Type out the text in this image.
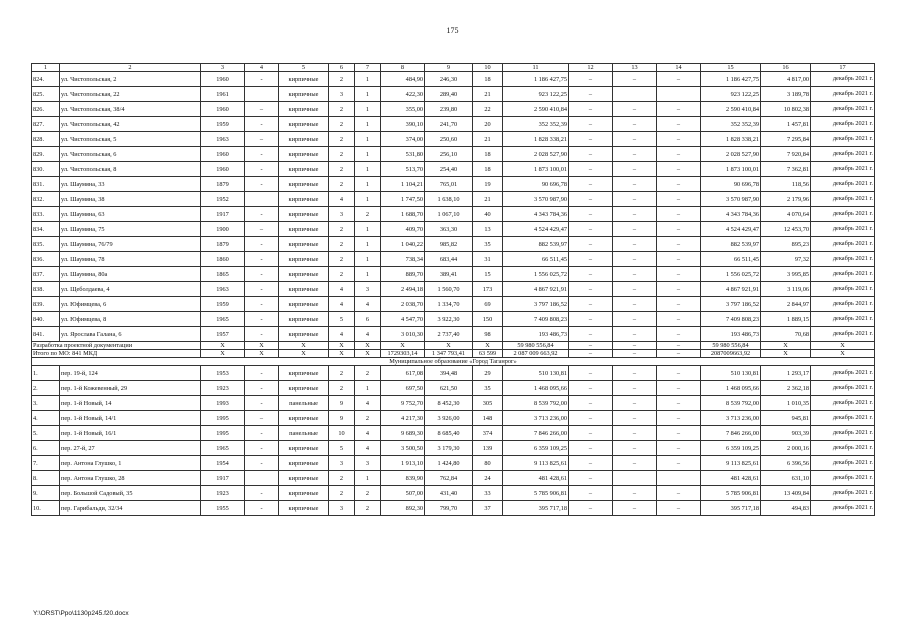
175
1	2	3	4	5	6	7	8	9	10	11	12	13	14	15	16	17
824.	ул. Чистопольская, 2	1960	-	кирпичные	2	1	484,90	246,30	18	1 186 427,75	–	–	–	1 186 427,75	4 817,00	декабрь 2021 г.
825.	ул. Чистопольская, 22	1961		кирпичные	3	1	422,30	289,40	21	923 122,25	–			923 122,25	3 189,78	декабрь 2021 г.
826.	ул. Чистопольская, 38/4	1960	–	кирпичные	2	1	355,00	239,80	22	2 590 410,84	–	–	–	2 590 410,84	10 802,38	декабрь 2021 г.
827.	ул. Чистопольская, 42	1959	-	кирпичные	2	1	390,10	241,70	20	352 352,39	–	–	–	352 352,39	1 457,81	декабрь 2021 г.
828.	ул. Чистопольская, 5	1963	–	кирпичные	2	1	374,00	250,60	21	1 828 338,21	–	–	–	1 828 338,21	7 295,84	декабрь 2021 г.
829.	ул. Чистопольская, 6	1960	-	кирпичные	2	1	531,80	256,10	18	2 028 527,90	–	–	–	2 028 527,90	7 920,84	декабрь 2021 г.
830.	ул. Чистопольская, 8	1960	-	кирпичные	2	1	513,70	254,40	18	1 873 100,01	–	–	–	1 873 100,01	7 362,81	декабрь 2021 г.
831.	ул. Шаумяна, 33	1879	-	кирпичные	2	1	1 104,21	765,01	19	90 696,78	–	–	–	90 696,78	118,56	декабрь 2021 г.
832.	ул. Шаумяна, 38	1952		кирпичные	4	1	1 747,50	1 638,10	21	3 570 987,90	–	–	–	3 570 987,90	2 179,96	декабрь 2021 г.
833.	ул. Шаумяна, 63	1917	-	кирпичные	3	2	1 688,70	1 067,10	40	4 343 784,36	–	–	–	4 343 784,36	4 070,64	декабрь 2021 г.
834.	ул. Шаумяна, 75	1900	–	кирпичные	2	1	409,70	363,30	13	4 524 429,47	–	–	–	4 524 429,47	12 453,70	декабрь 2021 г.
835.	ул. Шаумяна, 76/79	1879	-	кирпичные	2	1	1 040,22	985,82	35	882 539,97	–	–	–	882 539,97	895,23	декабрь 2021 г.
836.	ул. Шаумяна, 78	1860	-	кирпичные	2	1	738,34	683,44	31	66 511,45	–	–	–	66 511,45	97,32	декабрь 2021 г.
837.	ул. Шаумяна, 80а	1865	-	кирпичные	2	1	889,70	389,41	15	1 556 025,72	–	–	–	1 556 025,72	3 995,85	декабрь 2021 г.
838.	ул. Щеболдаева, 4	1963	-	кирпичные	4	3	2 494,18	1 560,70	173	4 867 921,91	–	–	–	4 867 921,91	3 119,06	декабрь 2021 г.
839.	ул. Юфимцева, 6	1959	-	кирпичные	4	4	2 038,70	1 334,70	69	3 797 186,52	–	–	–	3 797 186,52	2 844,97	декабрь 2021 г.
840.	ул. Юфимцева, 8	1965	-	кирпичные	5	6	4 547,70	3 922,30	150	7 409 808,23	–	–	–	7 409 808,23	1 889,15	декабрь 2021 г.
841.	ул. Ярослава Галана, 6	1957	-	кирпичные	4	4	3 010,30	2 737,40	98	193 486,73	–	–	–	193 486,73	70,68	декабрь 2021 г.
Разработка проектной документации		X	X	X	X	X	X	X	X	59 980 556,84	–	–	–	59 980 556,84	X	X
Итого по МО: 841 МКД		X	X	X	X	X	1729303,14	1 347 793,41	63 599	2 087 009 663,92	–	–	–	2087009663,92	X	X
Муниципальное образование «Город Таганрог»																
1.	пер. 19-й, 124	1953	-	кирпичные	2	2	617,08	394,48	29	510 130,81	–	–	–	510 130,81	1 293,17	декабрь 2021 г.
2.	пер. 1-й Кожевенный, 29	1923	-	кирпичные	2	1	697,50	621,50	35	1 468 095,66	–	–	–	1 468 095,66	2 362,18	декабрь 2021 г.
3.	пер. 1-й Новый, 14	1993	-	панельные	9	4	9 752,70	8 452,30	305	8 539 792,00	–	–	–	8 539 792,00	1 010,35	декабрь 2021 г.
4.	пер. 1-й Новый, 14/1	1995	–	кирпичные	9	2	4 217,30	3 926,00	148	3 713 236,00	–	–	–	3 713 236,00	945,81	декабрь 2021 г.
5.	пер. 1-й Новый, 16/1	1995	-	панельные	10	4	9 689,30	8 685,40	374	7 846 266,00	–	–	–	7 846 266,00	903,39	декабрь 2021 г.
6.	пер. 27-й, 27	1965	-	кирпичные	5	4	3 500,50	3 179,30	139	6 359 109,25	–	–	–	6 359 109,25	2 000,16	декабрь 2021 г.
7.	пер. Антона Глушко, 1	1954	-	кирпичные	3	3	1 913,10	1 424,80	80	9 113 825,61	–	–	–	9 113 825,61	6 396,56	декабрь 2021 г.
8.	пер. Антона Глушко, 28	1917		кирпичные	2	1	839,90	762,84	24	481 428,61	–			481 428,61	631,10	декабрь 2021 г.
9.	пер. Большой Садовый, 35	1923	-	кирпичные	2	2	507,00	431,40	33	5 785 906,81	–	–	–	5 785 906,81	13 409,84	декабрь 2021 г.
10.	пер. Гарибальди, 32/34	1955	-	кирпичные	3	2	892,30	799,70	37	395 717,18	–	–	–	395 717,18	494,83	декабрь 2021 г.
Y:\ORST\Ppo\1130p245.f20.docx
